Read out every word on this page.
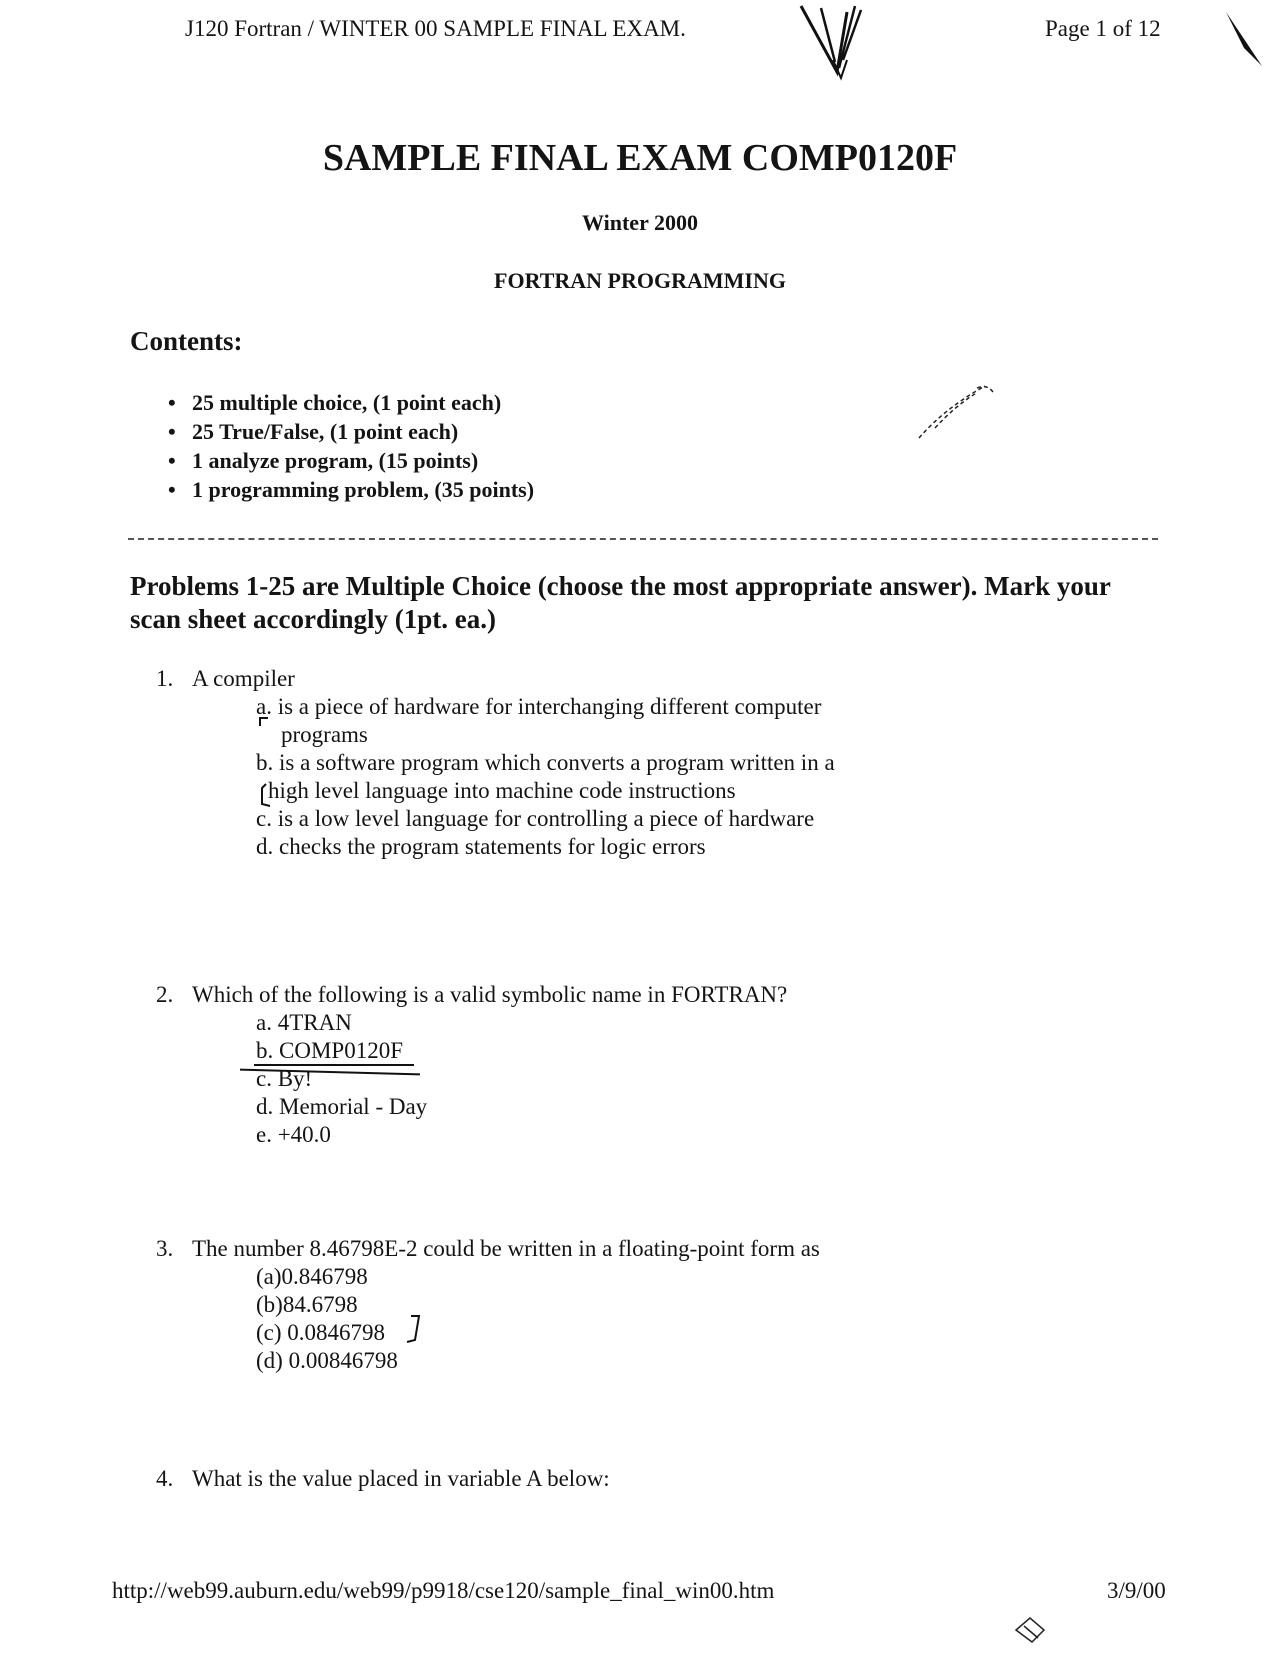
J120 Fortran / WINTER 00 SAMPLE FINAL EXAM.	Page 1 of 12
SAMPLE FINAL EXAM COMP0120F
Winter 2000
FORTRAN PROGRAMMING
Contents:
• 25 multiple choice, (1 point each)
• 25 True/False, (1 point each)
• 1 analyze program, (15 points)
• 1 programming problem, (35 points)
Problems 1-25 are Multiple Choice (choose the most appropriate answer). Mark your scan sheet accordingly (1pt. ea.)
1. A compiler
a. is a piece of hardware for interchanging different computer
programs
b. is a software program which converts a program written in a
high level language into machine code instructions
c. is a low level language for controlling a piece of hardware
d. checks the program statements for logic errors
2. Which of the following is a valid symbolic name in FORTRAN?
a. 4TRAN
b. COMP0120F
c. By!
d. Memorial - Day
e. +40.0
3. The number 8.46798E-2 could be written in a floating-point form as
(a)0.846798
(b)84.6798
(c) 0.0846798
(d) 0.00846798
4. What is the value placed in variable A below:
http://web99.auburn.edu/web99/p9918/cse120/sample_final_win00.htm	3/9/00
